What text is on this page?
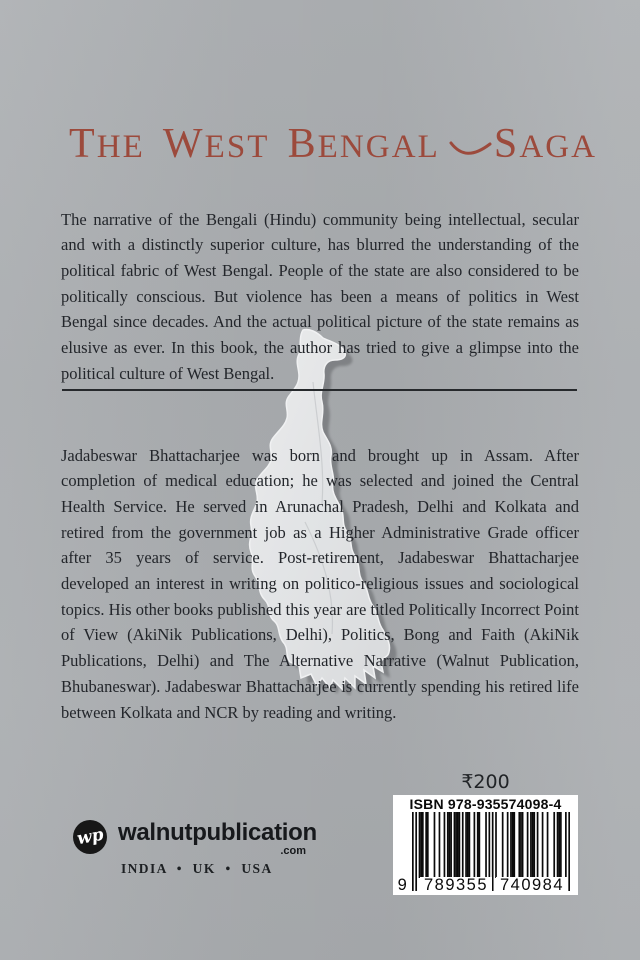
THE WEST BENGAL SAGA

The narrative of the Bengali (Hindu) community being intellectual, secular and with a distinctly superior culture, has blurred the understanding of the political fabric of West Bengal. People of the state are also considered to be politically conscious. But violence has been a means of politics in West Bengal since decades. And the actual political picture of the state remains as elusive as ever. In this book, the author has tried to give a glimpse into the political culture of West Bengal.

Jadabeswar Bhattacharjee was born and brought up in Assam. After completion of medical education; he was selected and joined the Central Health Service. He served in Arunachal Pradesh, Delhi and Kolkata and retired from the government job as a Higher Administrative Grade officer after 35 years of service. Post-retirement, Jadabeswar Bhattacharjee developed an interest in writing on politico-religious issues and sociological topics. His other books published this year are titled Politically Incorrect Point of View (AkiNik Publications, Delhi), Politics, Bong and Faith (AkiNik Publications, Delhi) and The Alternative Narrative (Walnut Publication, Bhubaneswar). Jadabeswar Bhattacharjee is currently spending his retired life between Kolkata and NCR by reading and writing.

₹200
ISBN 978-935574098-4
9 789355 740984
wp walnutpublication
.com
INDIA • UK • USA
